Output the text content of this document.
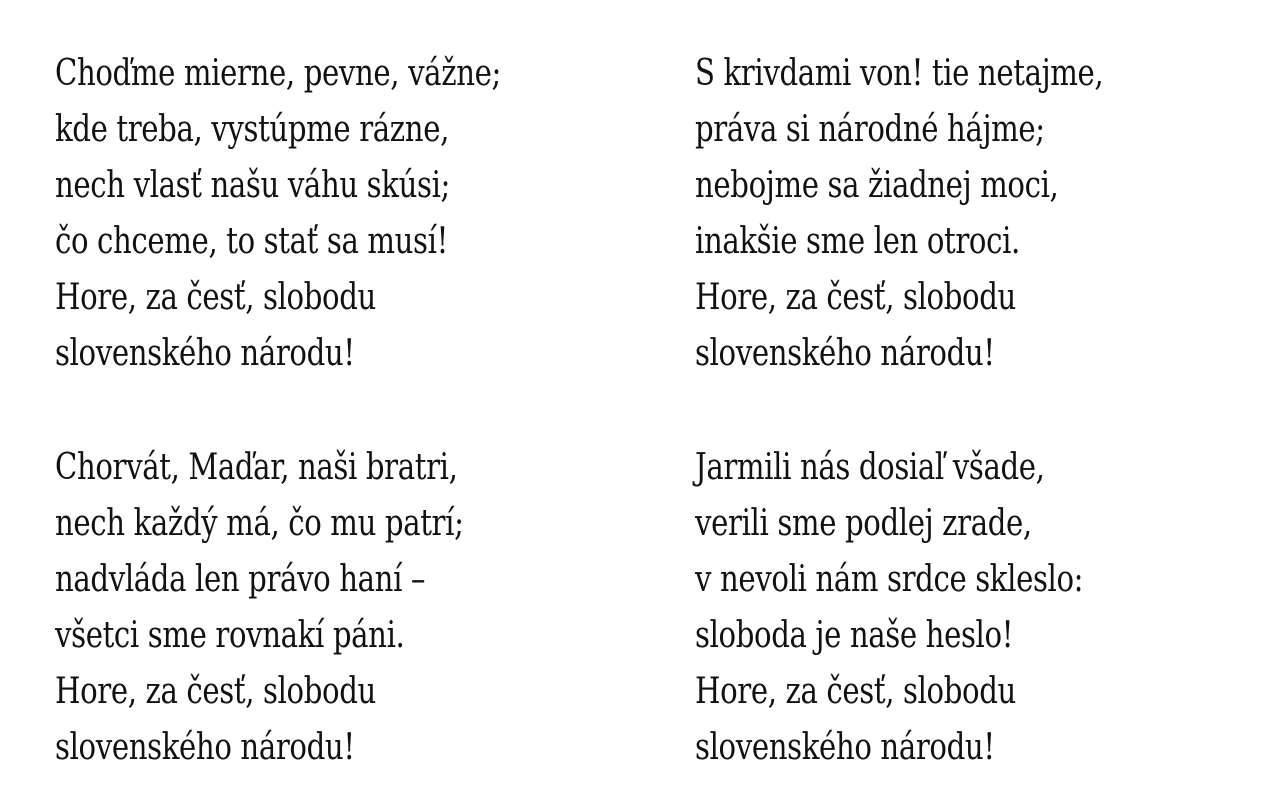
Choďme mierne, pevne, vážne;
kde treba, vystúpme rázne,
nech vlasť našu váhu skúsi;
čo chceme, to stať sa musí!
Hore, za česť, slobodu
slovenského národu!
S krivdami von! tie netajme,
práva si národné hájme;
nebojme sa žiadnej moci,
inakšie sme len otroci.
Hore, za česť, slobodu
slovenského národu!
Chorvát, Maďar, naši bratri,
nech každý má, čo mu patrí;
nadvláda len právo haní –
všetci sme rovnakí páni.
Hore, za česť, slobodu
slovenského národu!
Jarmili nás dosiaľ všade,
verili sme podlej zrade,
v nevoli nám srdce skleslo:
sloboda je naše heslo!
Hore, za česť, slobodu
slovenského národu!
